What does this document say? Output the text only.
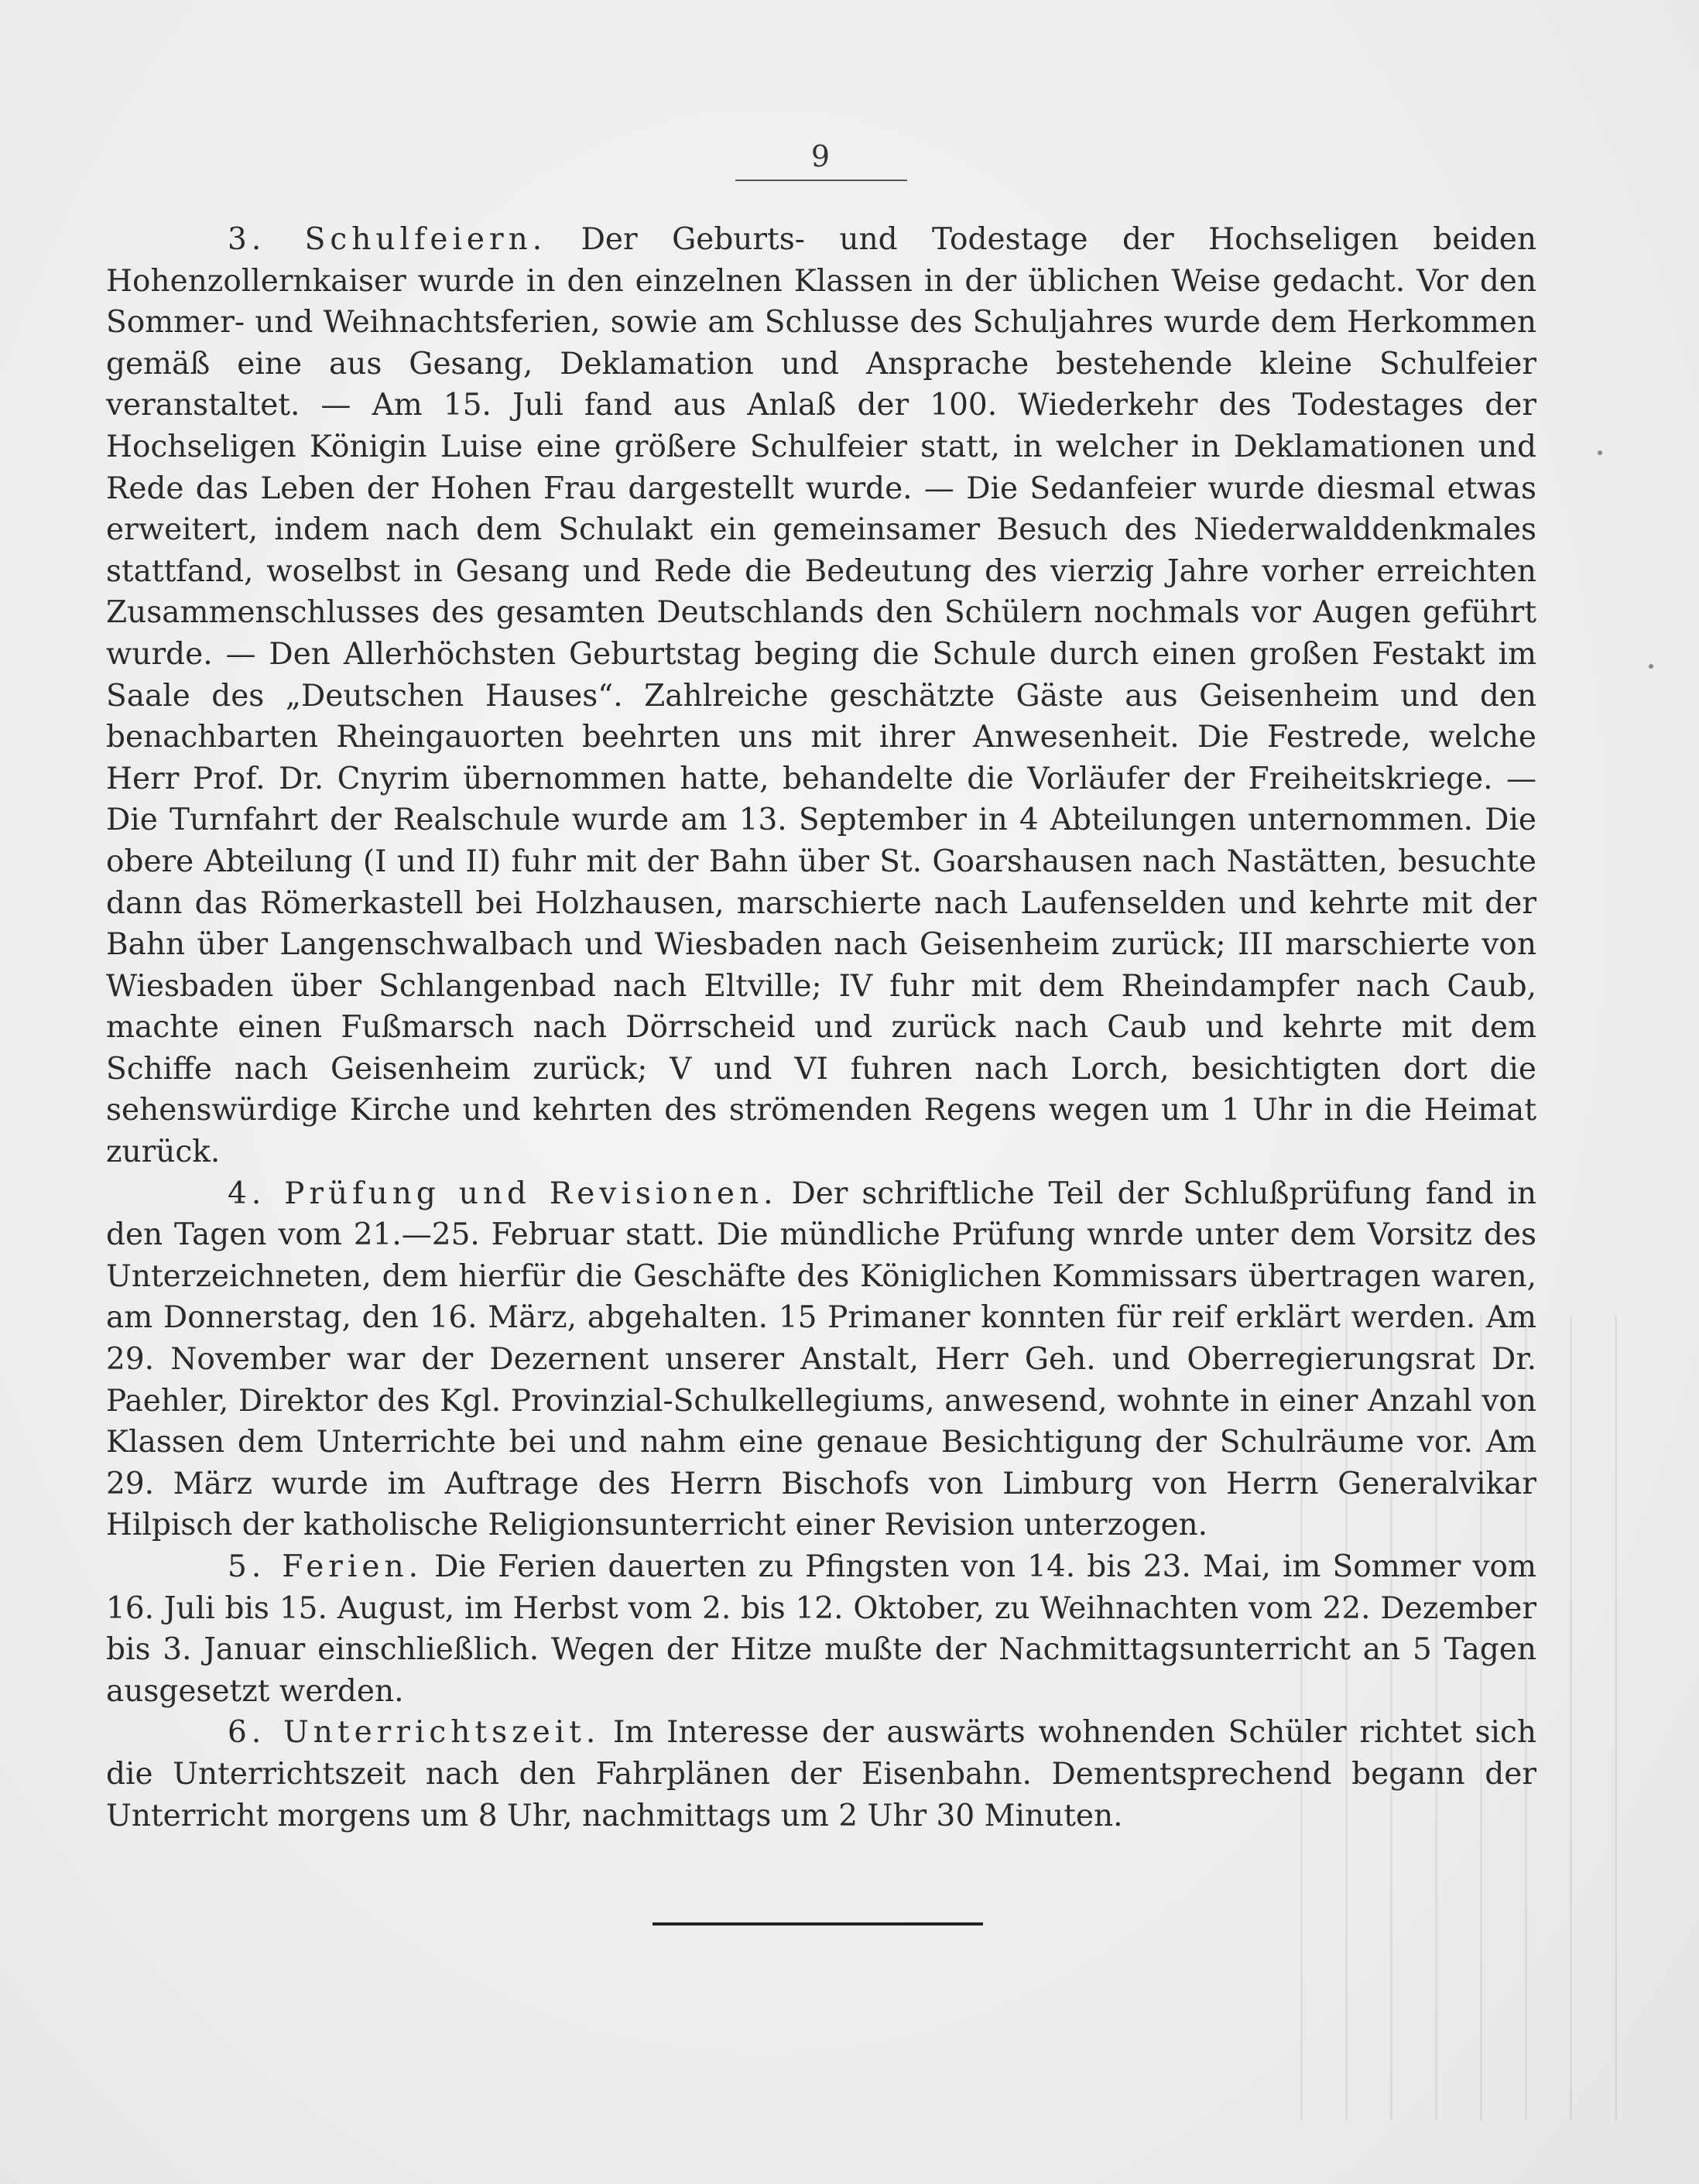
9

3. Schulfeiern. Der Geburts- und Todestage der Hochseligen beiden Hohenzollernkaiser wurde in den einzelnen Klassen in der üblichen Weise gedacht. Vor den Sommer- und Weihnachtsferien, sowie am Schlusse des Schuljahres wurde dem Herkommen gemäß eine aus Gesang, Deklamation und Ansprache bestehende kleine Schulfeier veranstaltet. — Am 15. Juli fand aus Anlaß der 100. Wiederkehr des Todestages der Hochseligen Königin Luise eine größere Schulfeier statt, in welcher in Deklamationen und Rede das Leben der Hohen Frau dargestellt wurde. — Die Sedanfeier wurde diesmal etwas erweitert, indem nach dem Schulakt ein gemeinsamer Besuch des Niederwalddenkmales stattfand, woselbst in Gesang und Rede die Bedeutung des vierzig Jahre vorher erreichten Zusammenschlusses des gesamten Deutschlands den Schülern nochmals vor Augen geführt wurde. — Den Allerhöchsten Geburtstag beging die Schule durch einen großen Festakt im Saale des „Deutschen Hauses“. Zahlreiche geschätzte Gäste aus Geisenheim und den benachbarten Rheingauorten beehrten uns mit ihrer Anwesenheit. Die Festrede, welche Herr Prof. Dr. Cnyrim übernommen hatte, behandelte die Vorläufer der Freiheitskriege. — Die Turnfahrt der Realschule wurde am 13. September in 4 Abteilungen unternommen. Die obere Abteilung (I und II) fuhr mit der Bahn über St. Goarshausen nach Nastätten, besuchte dann das Römerkastell bei Holzhausen, marschierte nach Laufenselden und kehrte mit der Bahn über Langenschwalbach und Wiesbaden nach Geisenheim zurück; III marschierte von Wiesbaden über Schlangenbad nach Eltville; IV fuhr mit dem Rheindampfer nach Caub, machte einen Fußmarsch nach Dörrscheid und zurück nach Caub und kehrte mit dem Schiffe nach Geisenheim zurück; V und VI fuhren nach Lorch, besichtigten dort die sehenswürdige Kirche und kehrten des strömenden Regens wegen um 1 Uhr in die Heimat zurück.

4. Prüfung und Revisionen. Der schriftliche Teil der Schlußprüfung fand in den Tagen vom 21.—25. Februar statt. Die mündliche Prüfung wnrde unter dem Vorsitz des Unterzeichneten, dem hierfür die Geschäfte des Königlichen Kommissars übertragen waren, am Donnerstag, den 16. März, abgehalten. 15 Primaner konnten für reif erklärt werden. Am 29. November war der Dezernent unserer Anstalt, Herr Geh. und Oberregierungsrat Dr. Paehler, Direktor des Kgl. Provinzial-Schulkellegiums, anwesend, wohnte in einer Anzahl von Klassen dem Unterrichte bei und nahm eine genaue Besichtigung der Schulräume vor. Am 29. März wurde im Auftrage des Herrn Bischofs von Limburg von Herrn Generalvikar Hilpisch der katholische Religionsunterricht einer Revision unterzogen.

5. Ferien. Die Ferien dauerten zu Pfingsten von 14. bis 23. Mai, im Sommer vom 16. Juli bis 15. August, im Herbst vom 2. bis 12. Oktober, zu Weihnachten vom 22. Dezember bis 3. Januar einschließlich. Wegen der Hitze mußte der Nachmittagsunterricht an 5 Tagen ausgesetzt werden.

6. Unterrichtszeit. Im Interesse der auswärts wohnenden Schüler richtet sich die Unterrichtszeit nach den Fahrplänen der Eisenbahn. Dementsprechend begann der Unterricht morgens um 8 Uhr, nachmittags um 2 Uhr 30 Minuten.
